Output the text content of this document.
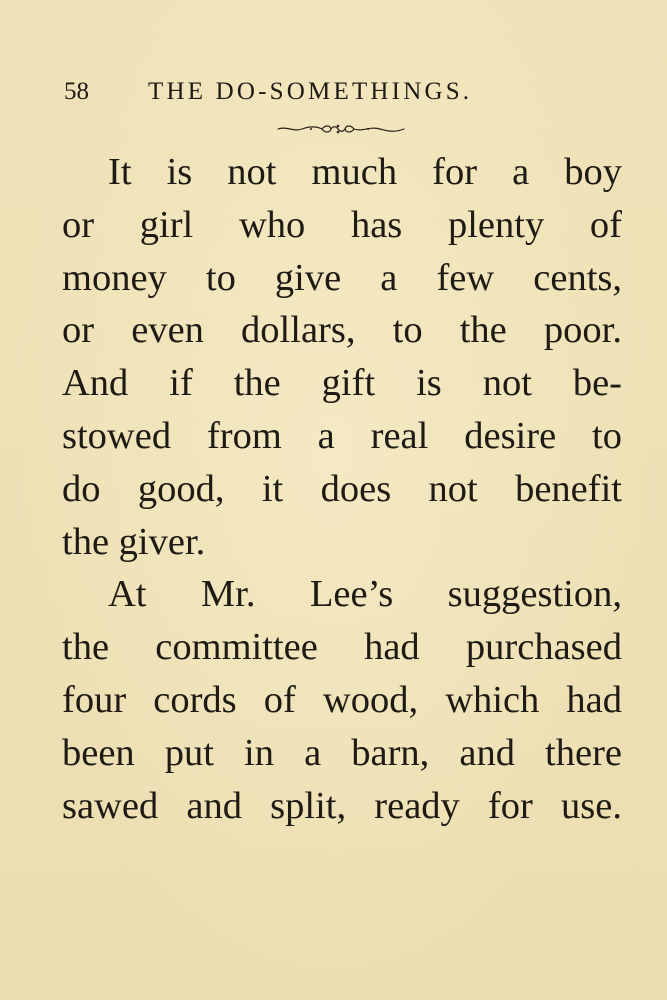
58 THE DO-SOMETHINGS.
It is not much for a boy
or girl who has plenty of
money to give a few cents,
or even dollars, to the poor.
And if the gift is not be-
stowed from a real desire to
do good, it does not benefit
the giver.
At Mr. Lee’s suggestion,
the committee had purchased
four cords of wood, which had
been put in a barn, and there
sawed and split, ready for use.
